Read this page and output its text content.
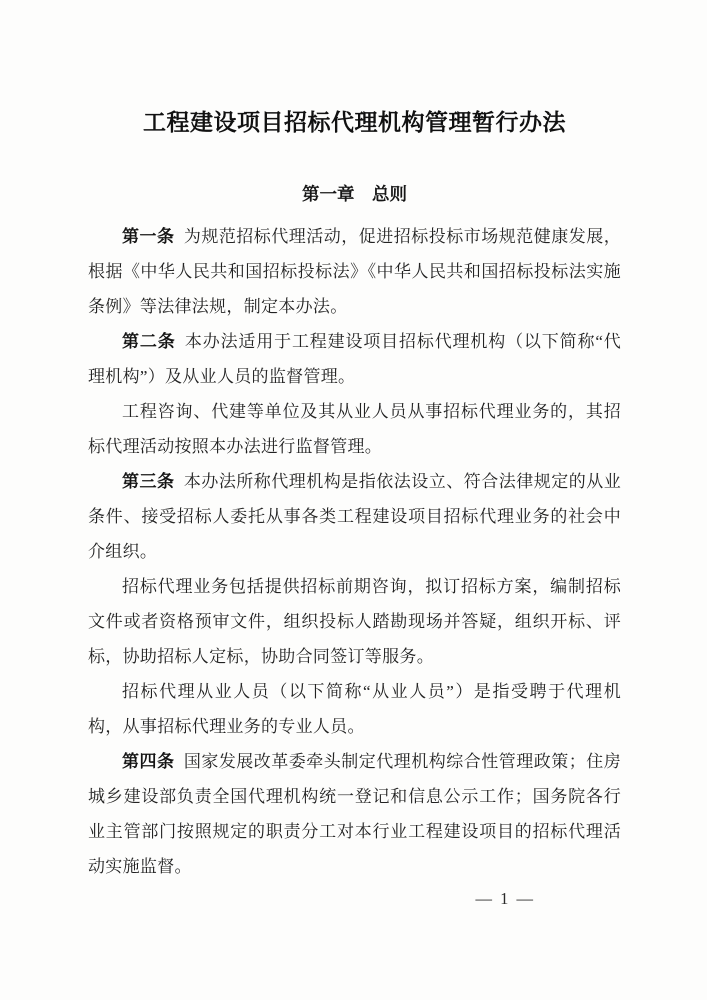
工程建设项目招标代理机构管理暂行办法
第一章　总则

第一条 为规范招标代理活动，促进招标投标市场规范健康发展，根据《中华人民共和国招标投标法》《中华人民共和国招标投标法实施条例》等法律法规，制定本办法。

第二条 本办法适用于工程建设项目招标代理机构（以下简称“代理机构”）及从业人员的监督管理。

工程咨询、代建等单位及其从业人员从事招标代理业务的，其招标代理活动按照本办法进行监督管理。

第三条 本办法所称代理机构是指依法设立、符合法律规定的从业条件、接受招标人委托从事各类工程建设项目招标代理业务的社会中介组织。

招标代理业务包括提供招标前期咨询，拟订招标方案，编制招标文件或者资格预审文件，组织投标人踏勘现场并答疑，组织开标、评标，协助招标人定标，协助合同签订等服务。

招标代理从业人员（以下简称“从业人员”）是指受聘于代理机构，从事招标代理业务的专业人员。

第四条 国家发展改革委牵头制定代理机构综合性管理政策；住房城乡建设部负责全国代理机构统一登记和信息公示工作；国务院各行业主管部门按照规定的职责分工对本行业工程建设项目的招标代理活动实施监督。

— 1 —
